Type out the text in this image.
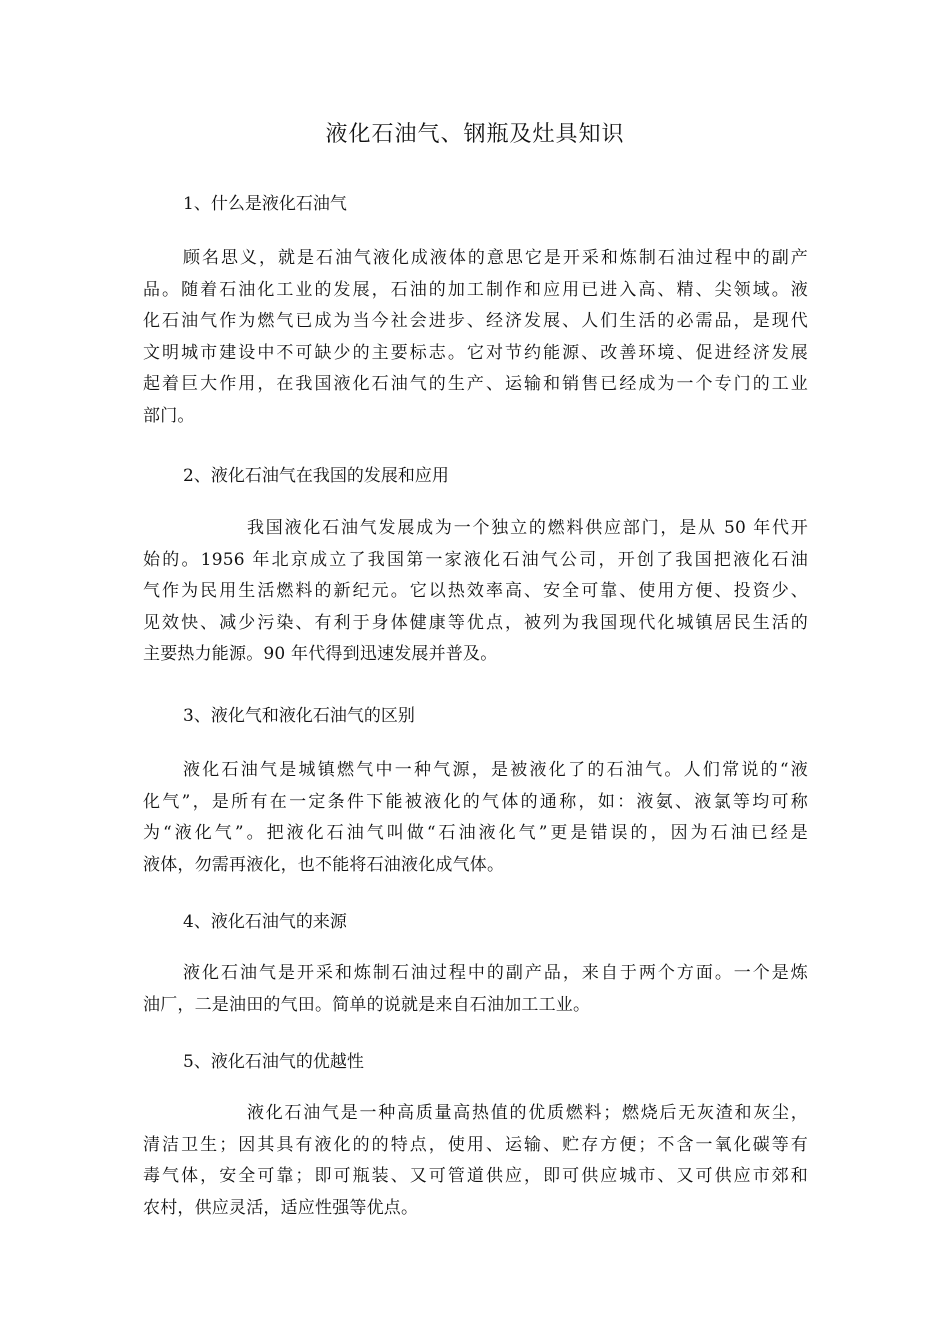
液化石油气、钢瓶及灶具知识
1、什么是液化石油气
顾名思义，就是石油气液化成液体的意思它是开采和炼制石油过程中的副产
品。随着石油化工业的发展，石油的加工制作和应用已进入高、精、尖领域。液
化石油气作为燃气已成为当今社会进步、经济发展、人们生活的必需品，是现代
文明城市建设中不可缺少的主要标志。它对节约能源、改善环境、促进经济发展
起着巨大作用，在我国液化石油气的生产、运输和销售已经成为一个专门的工业
部门。
2、液化石油气在我国的发展和应用
我国液化石油气发展成为一个独立的燃料供应部门，是从 50 年代开
始的。1956 年北京成立了我国第一家液化石油气公司，开创了我国把液化石油
气作为民用生活燃料的新纪元。它以热效率高、安全可靠、使用方便、投资少、
见效快、减少污染、有利于身体健康等优点，被列为我国现代化城镇居民生活的
主要热力能源。90 年代得到迅速发展并普及。
3、液化气和液化石油气的区别
液化石油气是城镇燃气中一种气源，是被液化了的石油气。人们常说的“液
化气”，是所有在一定条件下能被液化的气体的通称，如：液氨、液氯等均可称
为“液化气”。把液化石油气叫做“石油液化气”更是错误的，因为石油已经是
液体，勿需再液化，也不能将石油液化成气体。
4、液化石油气的来源
液化石油气是开采和炼制石油过程中的副产品，来自于两个方面。一个是炼
油厂，二是油田的气田。简单的说就是来自石油加工工业。
5、液化石油气的优越性
液化石油气是一种高质量高热值的优质燃料；燃烧后无灰渣和灰尘，
清洁卫生；因其具有液化的的特点，使用、运输、贮存方便；不含一氧化碳等有
毒气体，安全可靠；即可瓶装、又可管道供应，即可供应城市、又可供应市郊和
农村，供应灵活，适应性强等优点。
